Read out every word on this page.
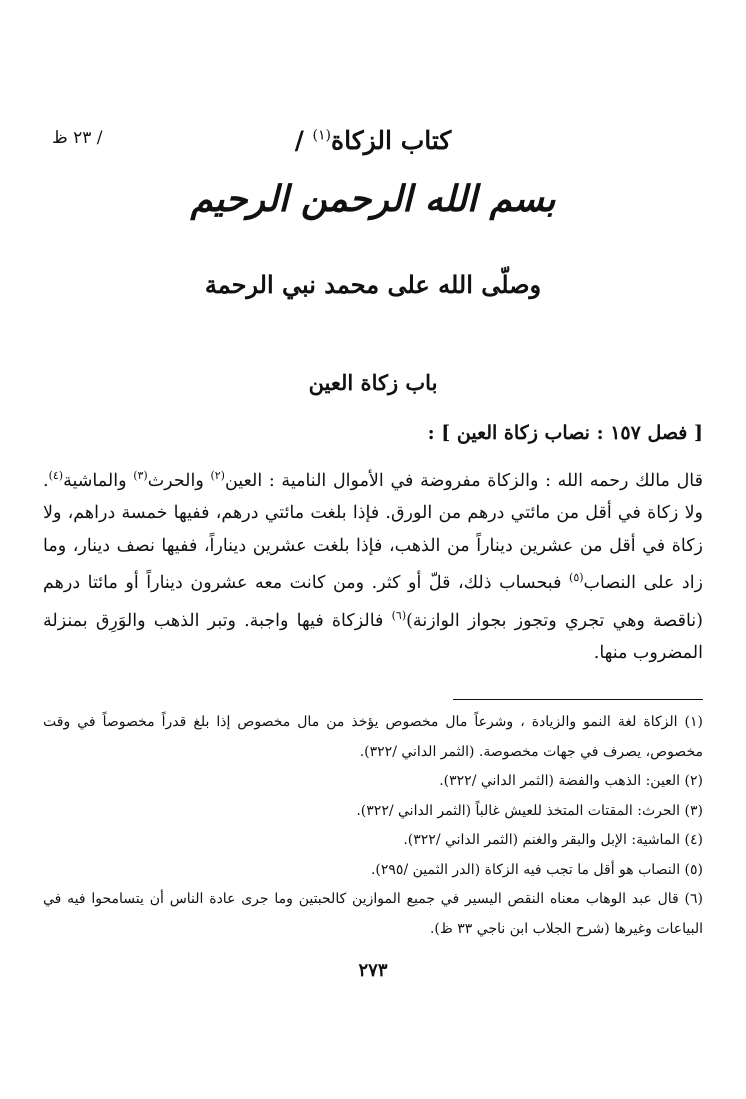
/ ٢٣ ظ	كتاب الزكاة$^{(١)}$ /
بسم الله الرحمن الرحيم
وصلّى الله على محمد نبي الرحمة
باب زكاة العين
[ فصل ١٥٧ : نصاب زكاة العين ] :
قال مالك رحمه الله : والزكاة مفروضة في الأموال النامية : العين$^{(٢)}$ والحرث$^{(٣)}$ والماشية$^{(٤)}$. ولا زكاة في أقل من مائتي درهم من الورق. فإذا بلغت مائتي درهم، ففيها خمسة دراهم، ولا زكاة في أقل من عشرين ديناراً من الذهب، فإذا بلغت عشرين ديناراً، ففيها نصف دينار، وما زاد على النصاب$^{(٥)}$ فبحساب ذلك، قلّ أو كثر. ومن كانت معه عشرون ديناراً أو مائتا درهم (ناقصة وهي تجري وتجوز بجواز الوازنة)$^{(٦)}$ فالزكاة فيها واجبة. وتبر الذهب والوَرِق بمنزلة المضروب منها.

(١) الزكاة لغة النمو والزيادة ، وشرعاً مال مخصوص يؤخذ من مال مخصوص إذا بلغ قدراً مخصوصاً في وقت مخصوص، يصرف في جهات مخصوصة. (الثمر الداني /٣٢٢).

(٢) العين: الذهب والفضة (الثمر الداني /٣٢٢).

(٣) الحرث: المقتات المتخذ للعيش غالباً (الثمر الداني /٣٢٢).

(٤) الماشية: الإبل والبقر والغنم (الثمر الداني /٣٢٢).

(٥) النصاب هو أقل ما تجب فيه الزكاة (الدر الثمين /٢٩٥).

(٦) قال عبد الوهاب معناه النقص اليسير في جميع الموازين كالحبتين وما جرى عادة الناس أن يتسامحوا فيه في البياعات وغيرها (شرح الجلاب ابن ناجي ٣٣ ظ).

٢٧٣
